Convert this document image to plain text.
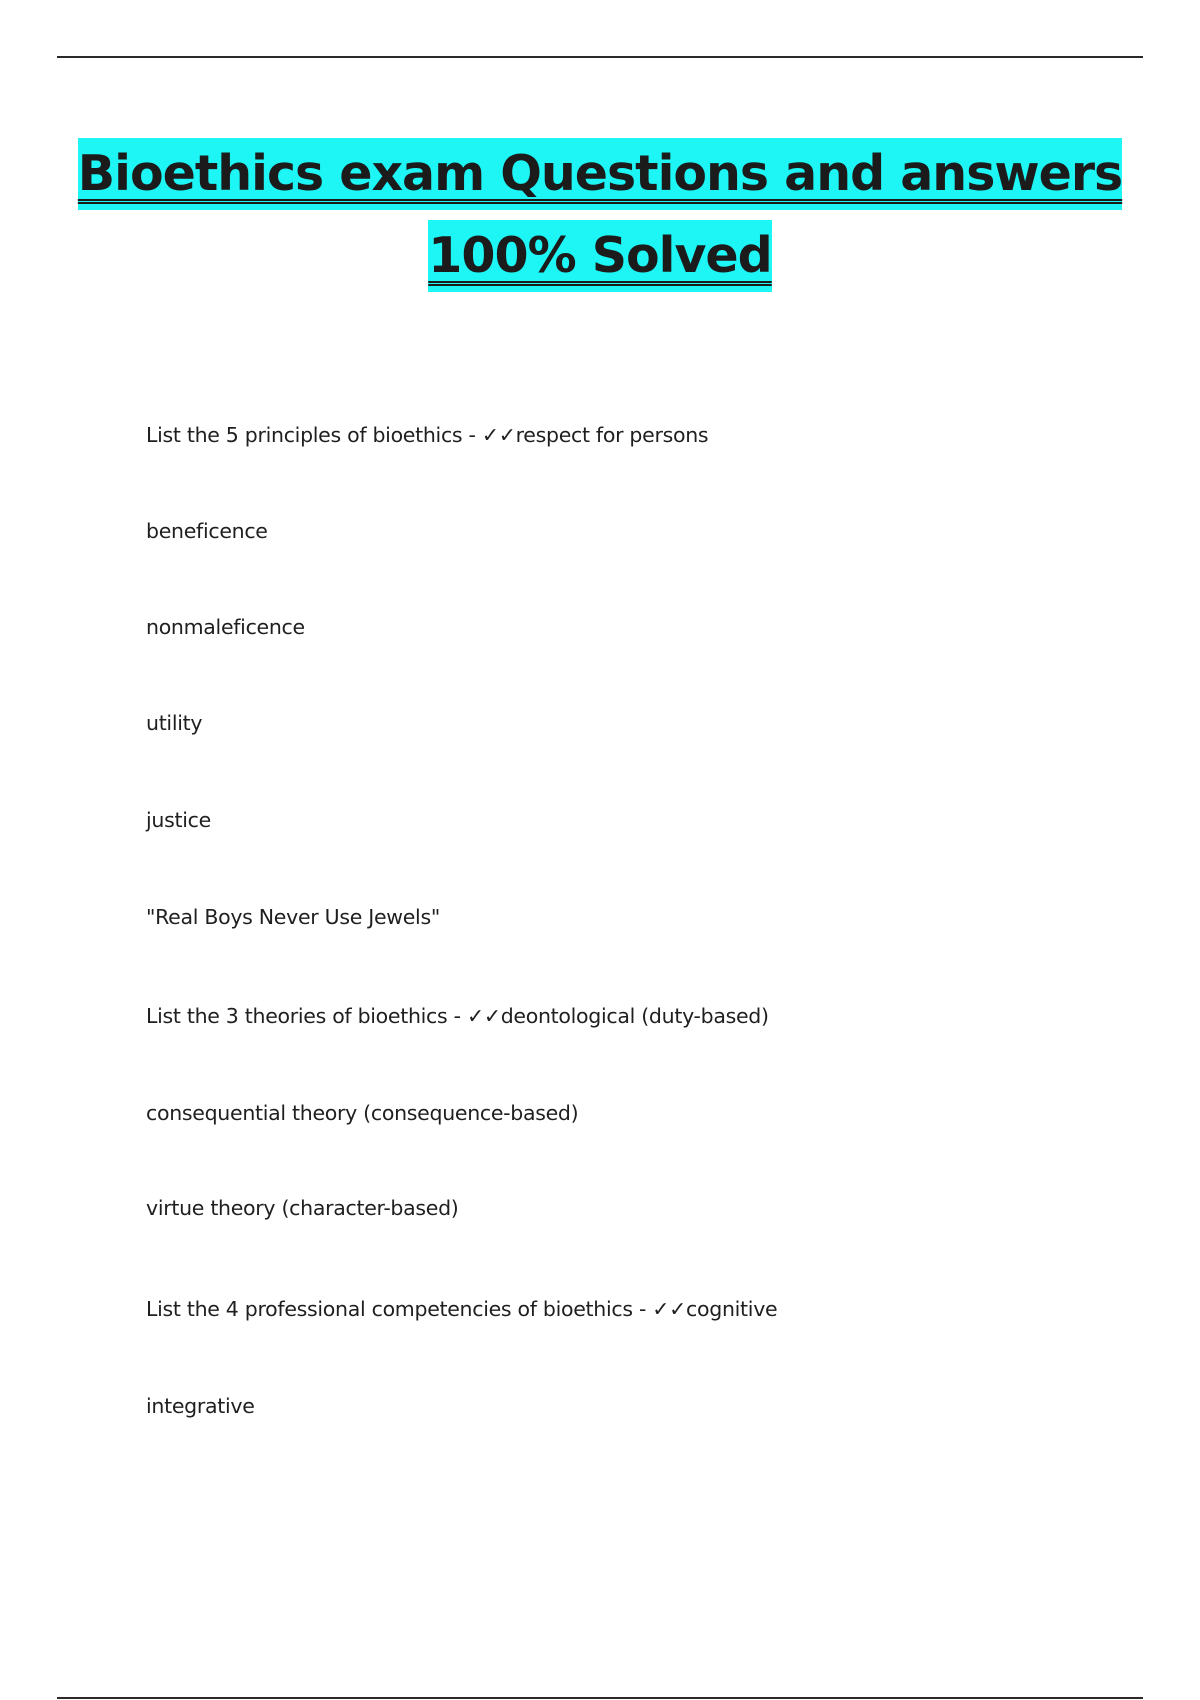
Bioethics exam Questions and answers
100% Solved
List the 5 principles of bioethics - ✓✓respect for persons
beneficence
nonmaleficence
utility
justice
"Real Boys Never Use Jewels"
List the 3 theories of bioethics - ✓✓deontological (duty-based)
consequential theory (consequence-based)
virtue theory (character-based)
List the 4 professional competencies of bioethics - ✓✓cognitive
integrative
